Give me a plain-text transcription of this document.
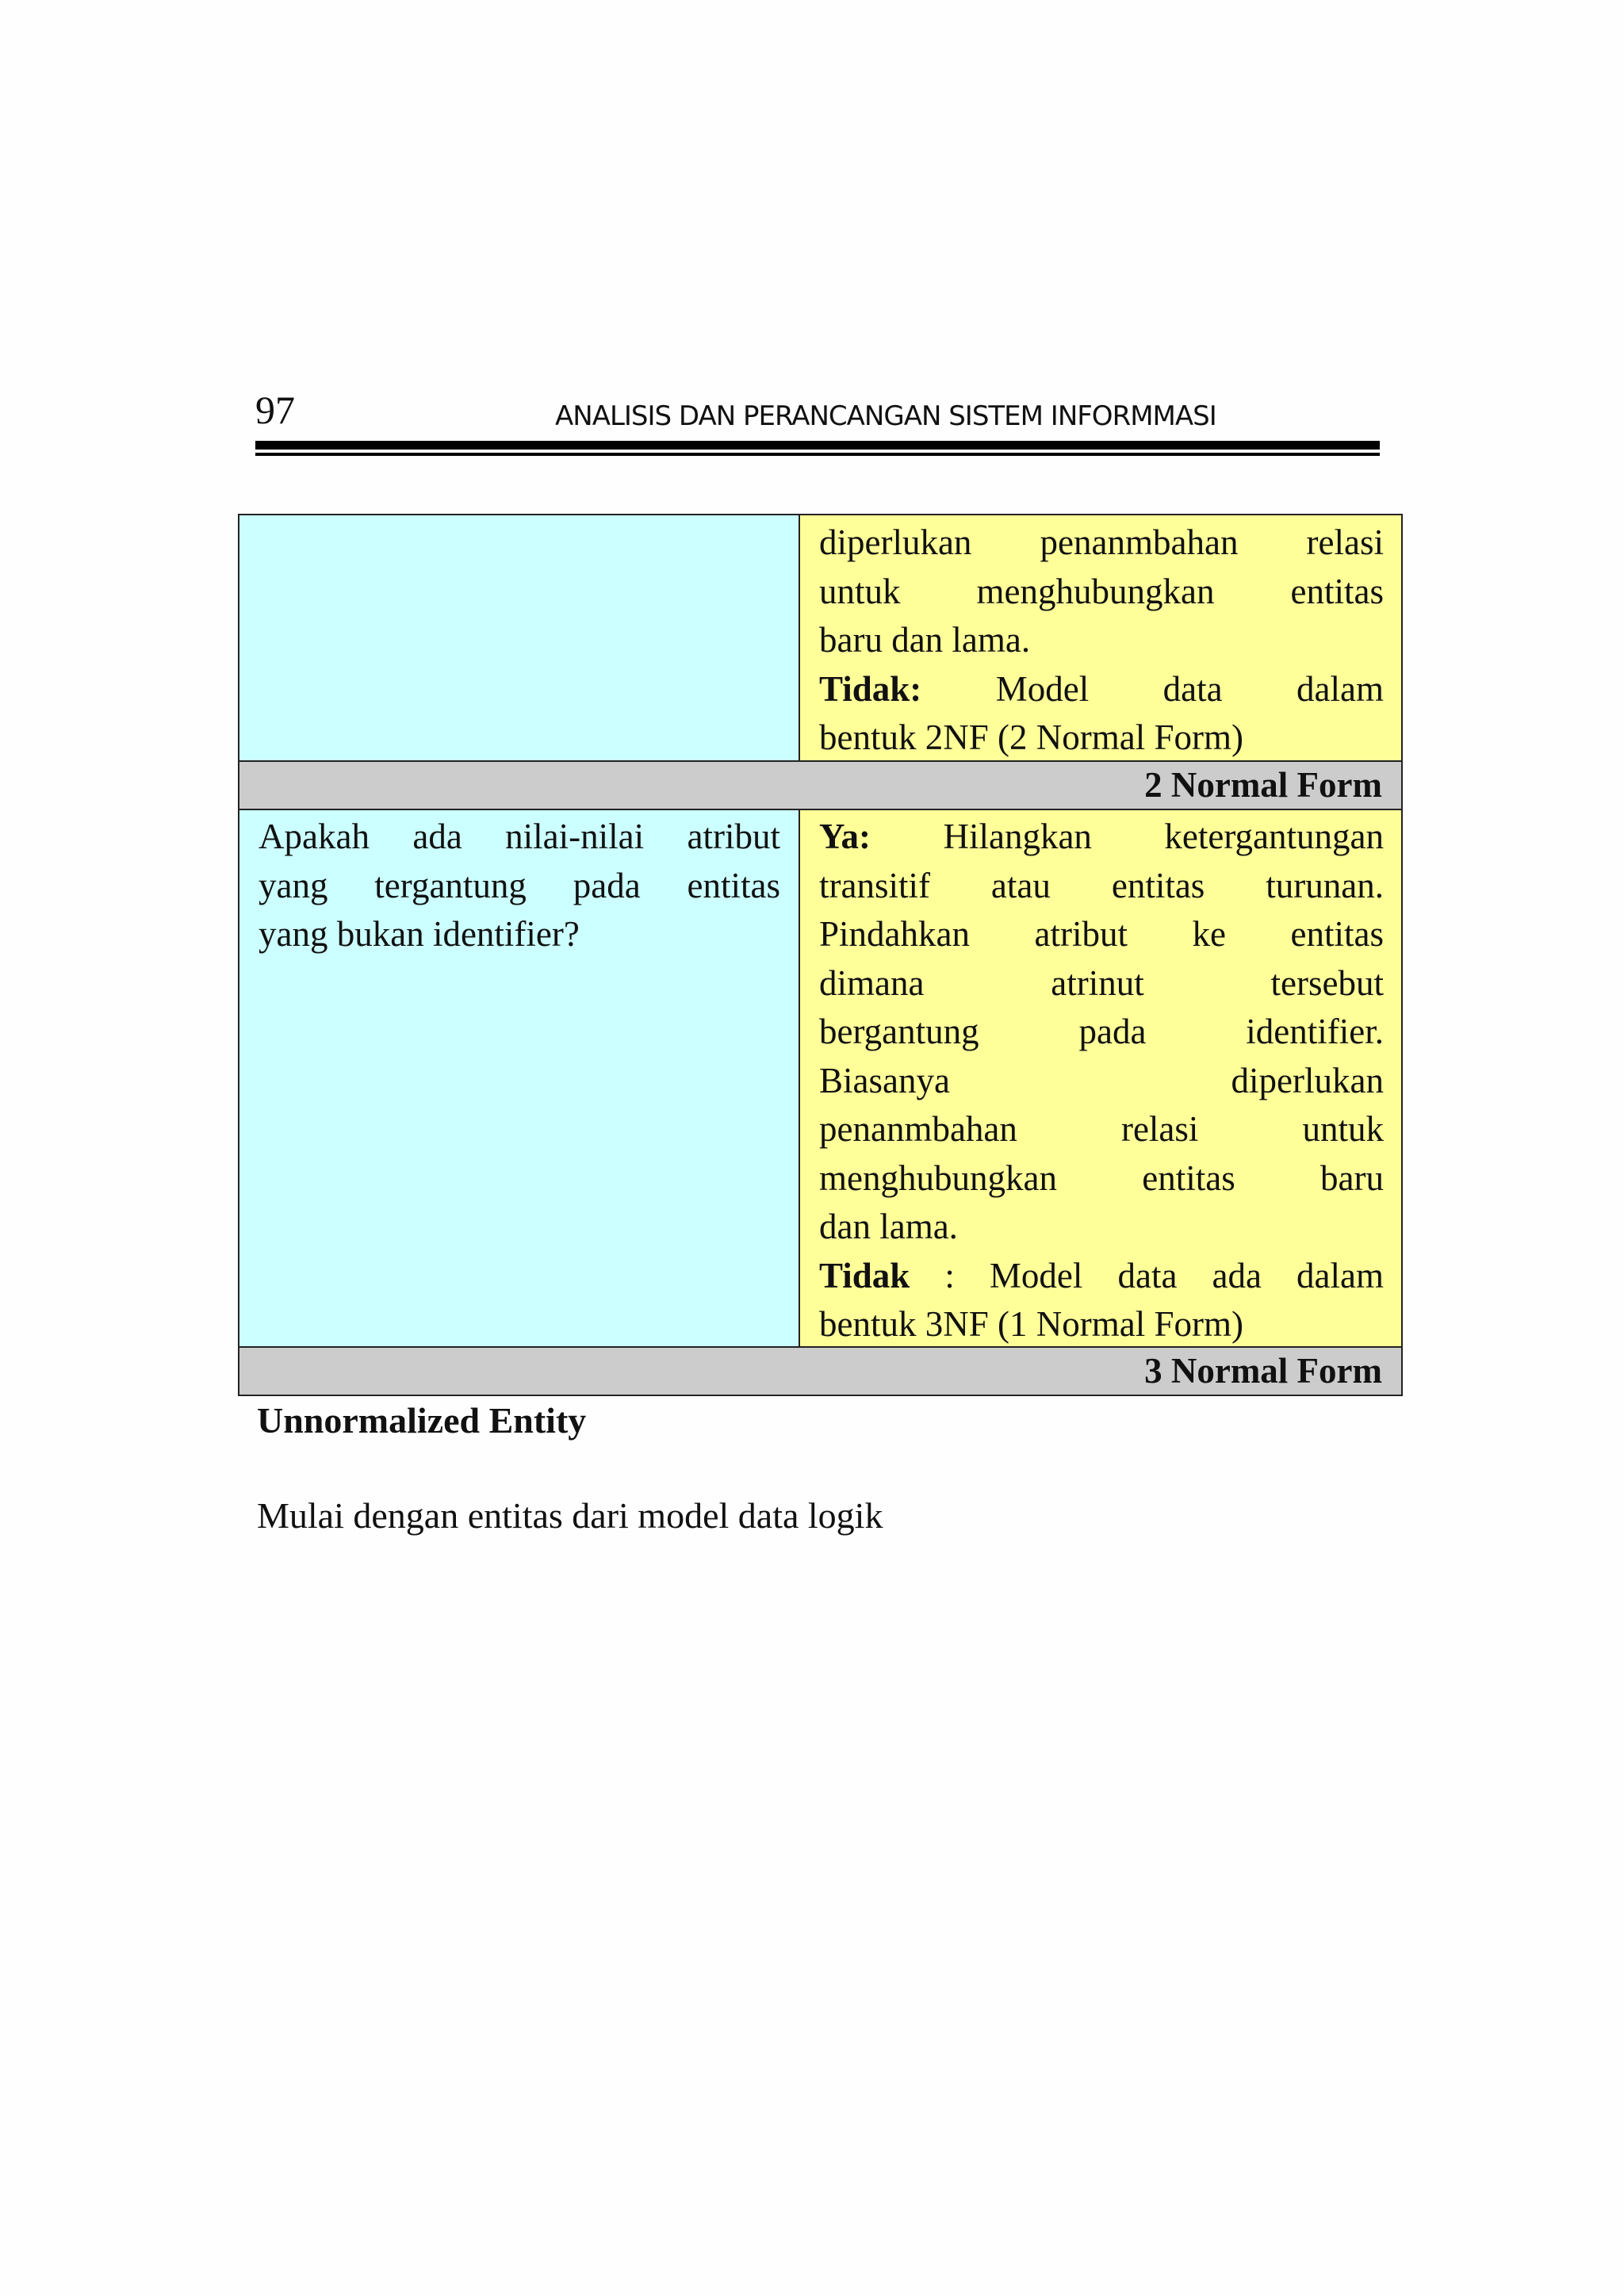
97	ANALISIS DAN PERANCANGAN SISTEM INFORMMASI
diperlukan penanmbahan relasi
untuk menghubungkan entitas
baru dan lama.
Tidak: Model data dalam
bentuk 2NF (2 Normal Form)
2 Normal Form
Apakah ada nilai-nilai atribut
yang tergantung pada entitas
yang bukan identifier?
Ya: Hilangkan ketergantungan
transitif atau entitas turunan.
Pindahkan atribut ke entitas
dimana atrinut tersebut
bergantung pada identifier.
Biasanya diperlukan
penanmbahan relasi untuk
menghubungkan entitas baru
dan lama.
Tidak : Model data ada dalam
bentuk 3NF (1 Normal Form)
3 Normal Form
Unnormalized Entity
Mulai dengan entitas dari model data logik
